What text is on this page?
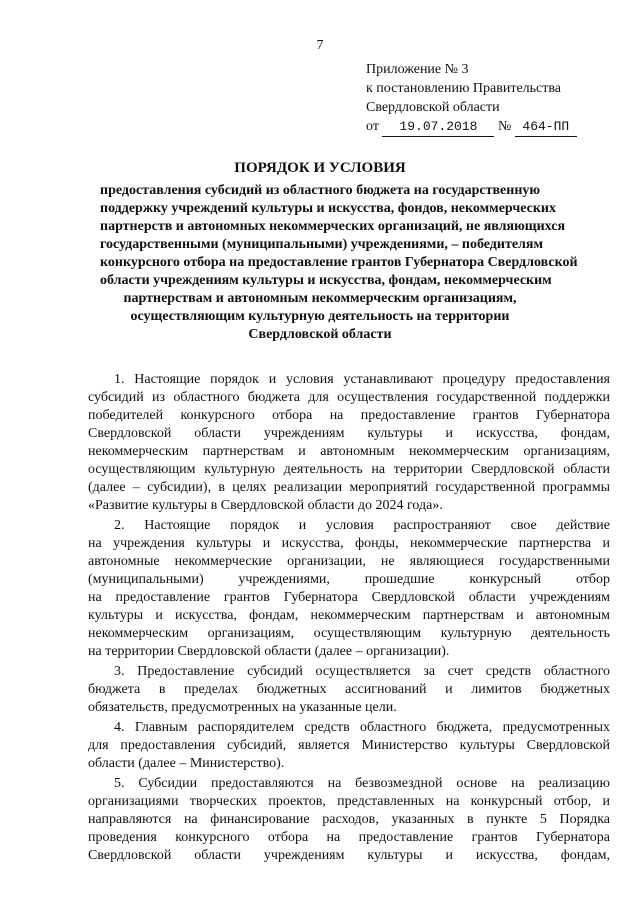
7
Приложение № 3
к постановлению Правительства
Свердловской области
от 19.07.2018 № 464-ПП
ПОРЯДОК И УСЛОВИЯ
предоставления субсидий из областного бюджета на государственную
поддержку учреждений культуры и искусства, фондов, некоммерческих
партнерств и автономных некоммерческих организаций, не являющихся
государственными (муниципальными) учреждениями, – победителям
конкурсного отбора на предоставление грантов Губернатора Свердловской
области учреждениям культуры и искусства, фондам, некоммерческим
партнерствам и автономным некоммерческим организациям,
осуществляющим культурную деятельность на территории
Свердловской области
1. Настоящие порядок и условия устанавливают процедуру предоставления
субсидий из областного бюджета для осуществления государственной поддержки
победителей конкурсного отбора на предоставление грантов Губернатора
Свердловской области учреждениям культуры и искусства, фондам,
некоммерческим партнерствам и автономным некоммерческим организациям,
осуществляющим культурную деятельность на территории Свердловской области
(далее – субсидии), в целях реализации мероприятий государственной программы
«Развитие культуры в Свердловской области до 2024 года».
2. Настоящие порядок и условия распространяют свое действие
на учреждения культуры и искусства, фонды, некоммерческие партнерства и
автономные некоммерческие организации, не являющиеся государственными
(муниципальными) учреждениями, прошедшие конкурсный отбор
на предоставление грантов Губернатора Свердловской области учреждениям
культуры и искусства, фондам, некоммерческим партнерствам и автономным
некоммерческим организациям, осуществляющим культурную деятельность
на территории Свердловской области (далее – организации).
3. Предоставление субсидий осуществляется за счет средств областного
бюджета в пределах бюджетных ассигнований и лимитов бюджетных
обязательств, предусмотренных на указанные цели.
4. Главным распорядителем средств областного бюджета, предусмотренных
для предоставления субсидий, является Министерство культуры Свердловской
области (далее – Министерство).
5. Субсидии предоставляются на безвозмездной основе на реализацию
организациями творческих проектов, представленных на конкурсный отбор, и
направляются на финансирование расходов, указанных в пункте 5 Порядка
проведения конкурсного отбора на предоставление грантов Губернатора
Свердловской области учреждениям культуры и искусства, фондам,
